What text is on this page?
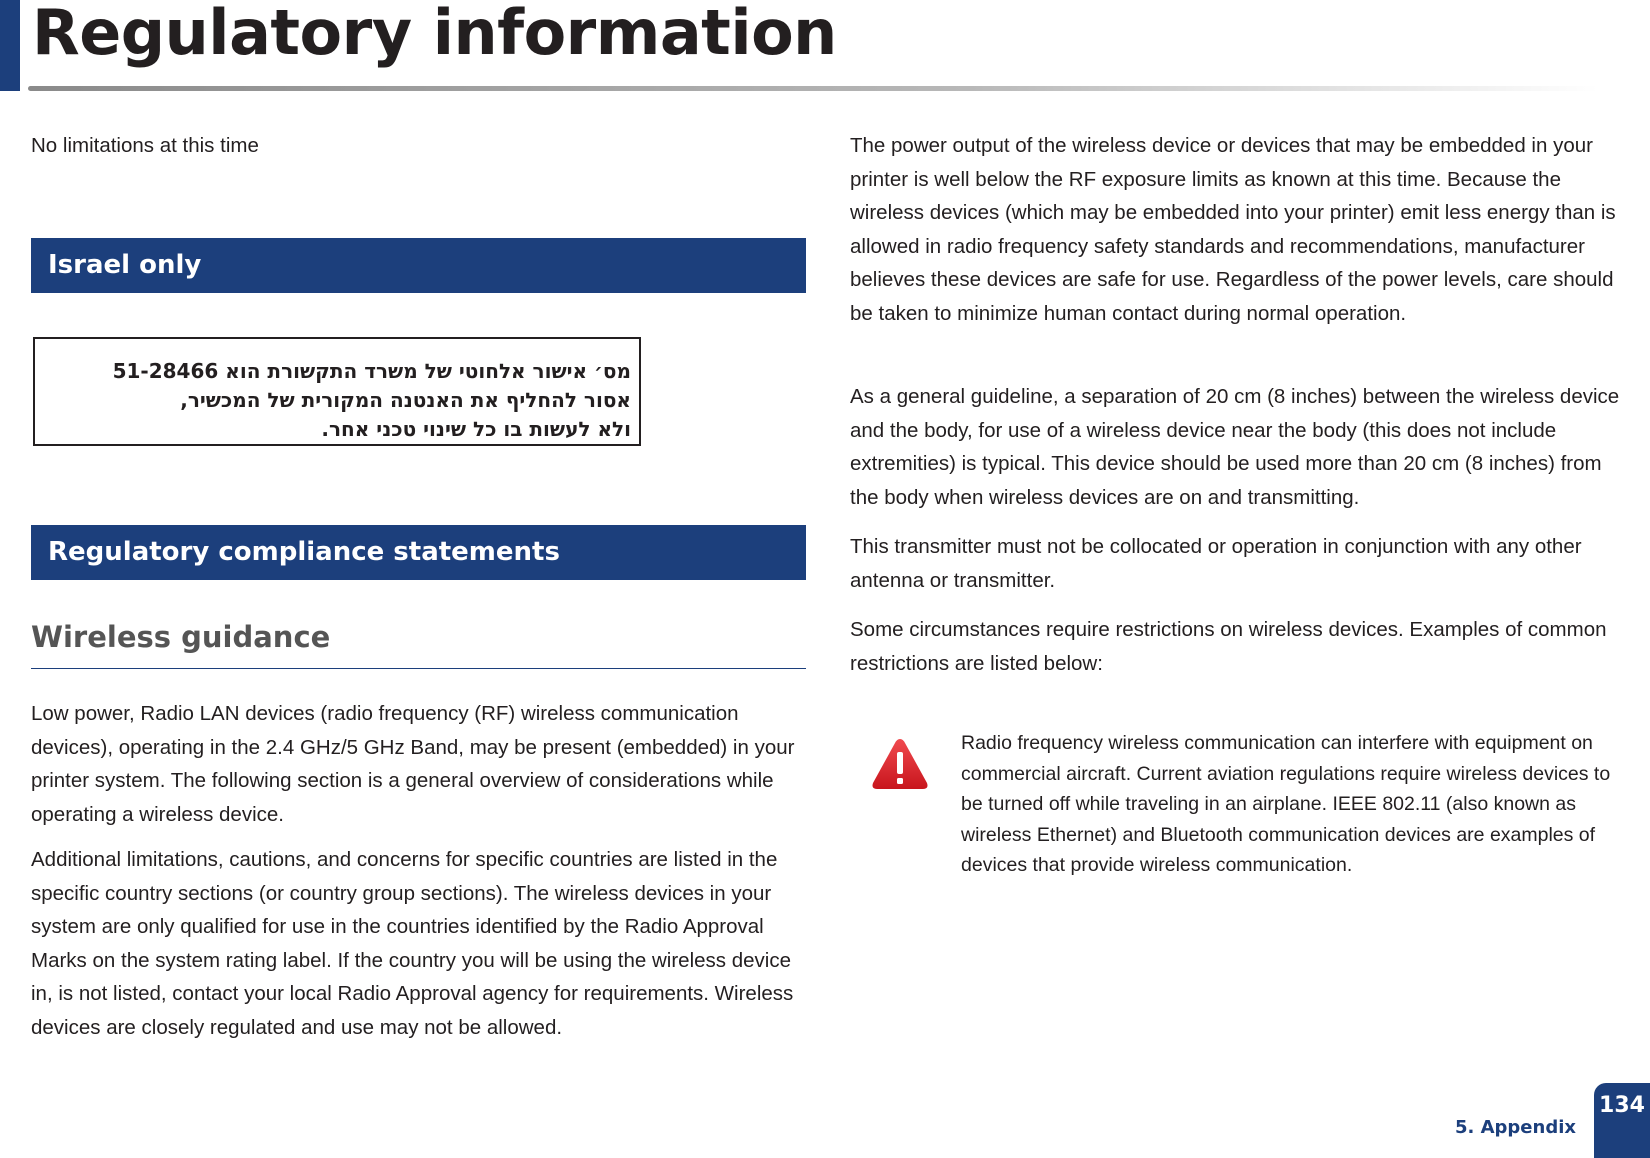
Regulatory information

No limitations at this time

Israel only
מס׳ אישור אלחוטי של משרד התקשורת הוא 51-28466
אסור להחליף את האנטנה המקורית של המכשיר,
ולא לעשות בו כל שינוי טכני אחר.
Regulatory compliance statements
Wireless guidance

Low power, Radio LAN devices (radio frequency (RF) wireless communication devices), operating in the 2.4 GHz/5 GHz Band, may be present (embedded) in your printer system. The following section is a general overview of considerations while operating a wireless device.

Additional limitations, cautions, and concerns for specific countries are listed in the specific country sections (or country group sections). The wireless devices in your system are only qualified for use in the countries identified by the Radio Approval Marks on the system rating label. If the country you will be using the wireless device in, is not listed, contact your local Radio Approval agency for requirements. Wireless devices are closely regulated and use may not be allowed.

The power output of the wireless device or devices that may be embedded in your printer is well below the RF exposure limits as known at this time. Because the wireless devices (which may be embedded into your printer) emit less energy than is allowed in radio frequency safety standards and recommendations, manufacturer believes these devices are safe for use. Regardless of the power levels, care should be taken to minimize human contact during normal operation.

As a general guideline, a separation of 20 cm (8 inches) between the wireless device and the body, for use of a wireless device near the body (this does not include extremities) is typical. This device should be used more than 20 cm (8 inches) from the body when wireless devices are on and transmitting.

This transmitter must not be collocated or operation in conjunction with any other antenna or transmitter.

Some circumstances require restrictions on wireless devices. Examples of common restrictions are listed below:

Radio frequency wireless communication can interfere with equipment on commercial aircraft. Current aviation regulations require wireless devices to be turned off while traveling in an airplane. IEEE 802.11 (also known as wireless Ethernet) and Bluetooth communication devices are examples of devices that provide wireless communication.

5. Appendix
134
